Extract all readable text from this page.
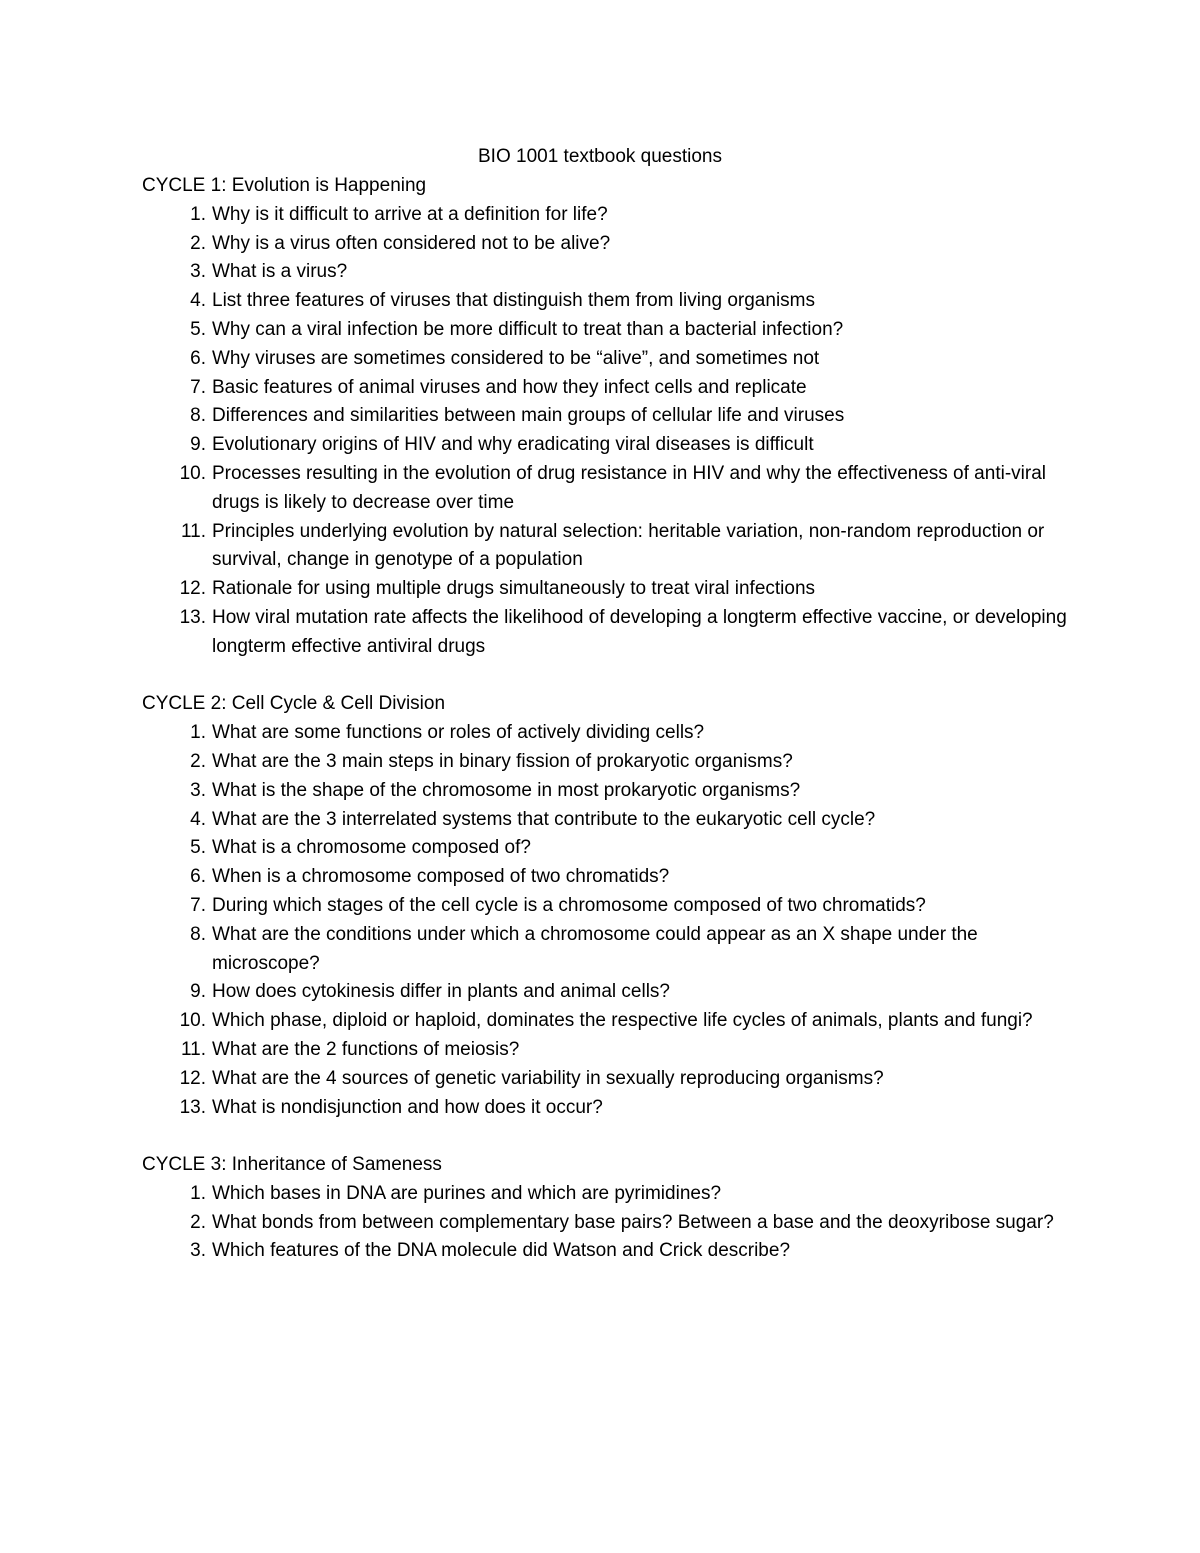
BIO 1001 textbook questions

CYCLE 1: Evolution is Happening

1. Why is it difficult to arrive at a definition for life?
2. Why is a virus often considered not to be alive?
3. What is a virus?
4. List three features of viruses that distinguish them from living organisms
5. Why can a viral infection be more difficult to treat than a bacterial infection?
6. Why viruses are sometimes considered to be “alive”, and sometimes not
7. Basic features of animal viruses and how they infect cells and replicate
8. Differences and similarities between main groups of cellular life and viruses
9. Evolutionary origins of HIV and why eradicating viral diseases is difficult
10. Processes resulting in the evolution of drug resistance in HIV and why the effectiveness of anti-viral drugs is likely to decrease over time
11. Principles underlying evolution by natural selection: heritable variation, non-random reproduction or survival, change in genotype of a population
12. Rationale for using multiple drugs simultaneously to treat viral infections
13. How viral mutation rate affects the likelihood of developing a longterm effective vaccine, or developing longterm effective antiviral drugs

CYCLE 2: Cell Cycle & Cell Division

1. What are some functions or roles of actively dividing cells?
2. What are the 3 main steps in binary fission of prokaryotic organisms?
3. What is the shape of the chromosome in most prokaryotic organisms?
4. What are the 3 interrelated systems that contribute to the eukaryotic cell cycle?
5. What is a chromosome composed of?
6. When is a chromosome composed of two chromatids?
7. During which stages of the cell cycle is a chromosome composed of two chromatids?
8. What are the conditions under which a chromosome could appear as an X shape under the microscope?
9. How does cytokinesis differ in plants and animal cells?
10. Which phase, diploid or haploid, dominates the respective life cycles of animals, plants and fungi?
11. What are the 2 functions of meiosis?
12. What are the 4 sources of genetic variability in sexually reproducing organisms?
13. What is nondisjunction and how does it occur?

CYCLE 3: Inheritance of Sameness

1. Which bases in DNA are purines and which are pyrimidines?
2. What bonds from between complementary base pairs? Between a base and the deoxyribose sugar?
3. Which features of the DNA molecule did Watson and Crick describe?
